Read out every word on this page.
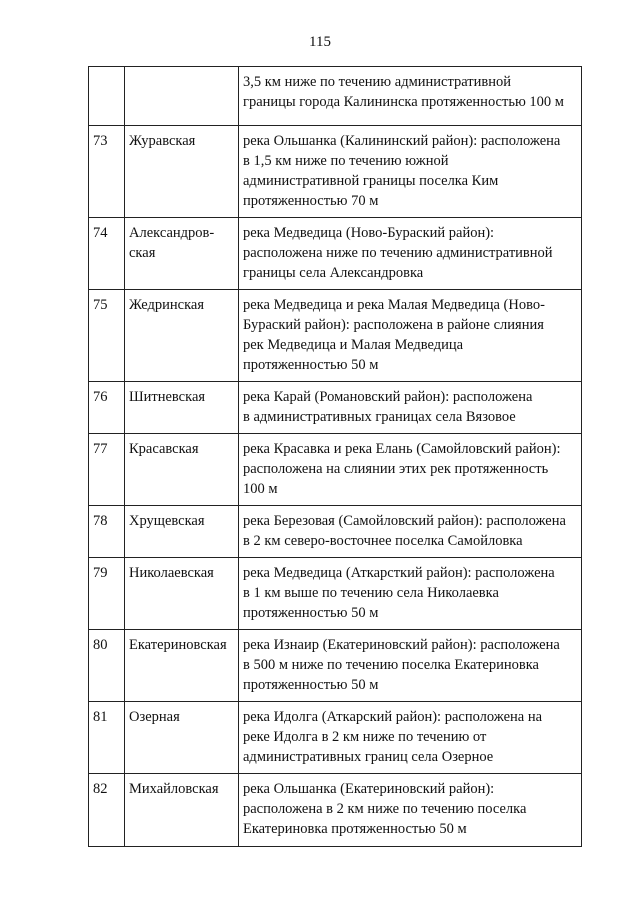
115

		3,5 км ниже по течению административной
границы города Калининска протяженностью 100 м

73	Журавская	река Ольшанка (Калининский район): расположена
в 1,5 км ниже по течению южной
административной границы поселка Ким
протяженностью 70 м

74	Александров-
ская	река Медведица (Ново-Бураский район):
расположена ниже по течению административной
границы села Александровка

75	Жедринская	река Медведица и река Малая Медведица (Ново-
Бураский район): расположена в районе слияния
рек Медведица и Малая Медведица
протяженностью 50 м

76	Шитневская	река Карай (Романовский район): расположена
в административных границах села Вязовое

77	Красавская	река Красавка и река Елань (Самойловский район):
расположена на слиянии этих рек протяженность
100 м

78	Хрущевская	река Березовая (Самойловский район): расположена
в 2 км северо-восточнее поселка Самойловка

79	Николаевская	река Медведица (Аткарсткий район): расположена
в 1 км выше по течению села Николаевка
протяженностью 50 м

80	Екатериновская	река Изнаир (Екатериновский район): расположена
в 500 м ниже по течению поселка Екатериновка
протяженностью 50 м

81	Озерная	река Идолга (Аткарский район): расположена на
реке Идолга в 2 км ниже по течению от
административных границ села Озерное

82	Михайловская	река Ольшанка (Екатериновский район):
расположена в 2 км ниже по течению поселка
Екатериновка протяженностью 50 м
